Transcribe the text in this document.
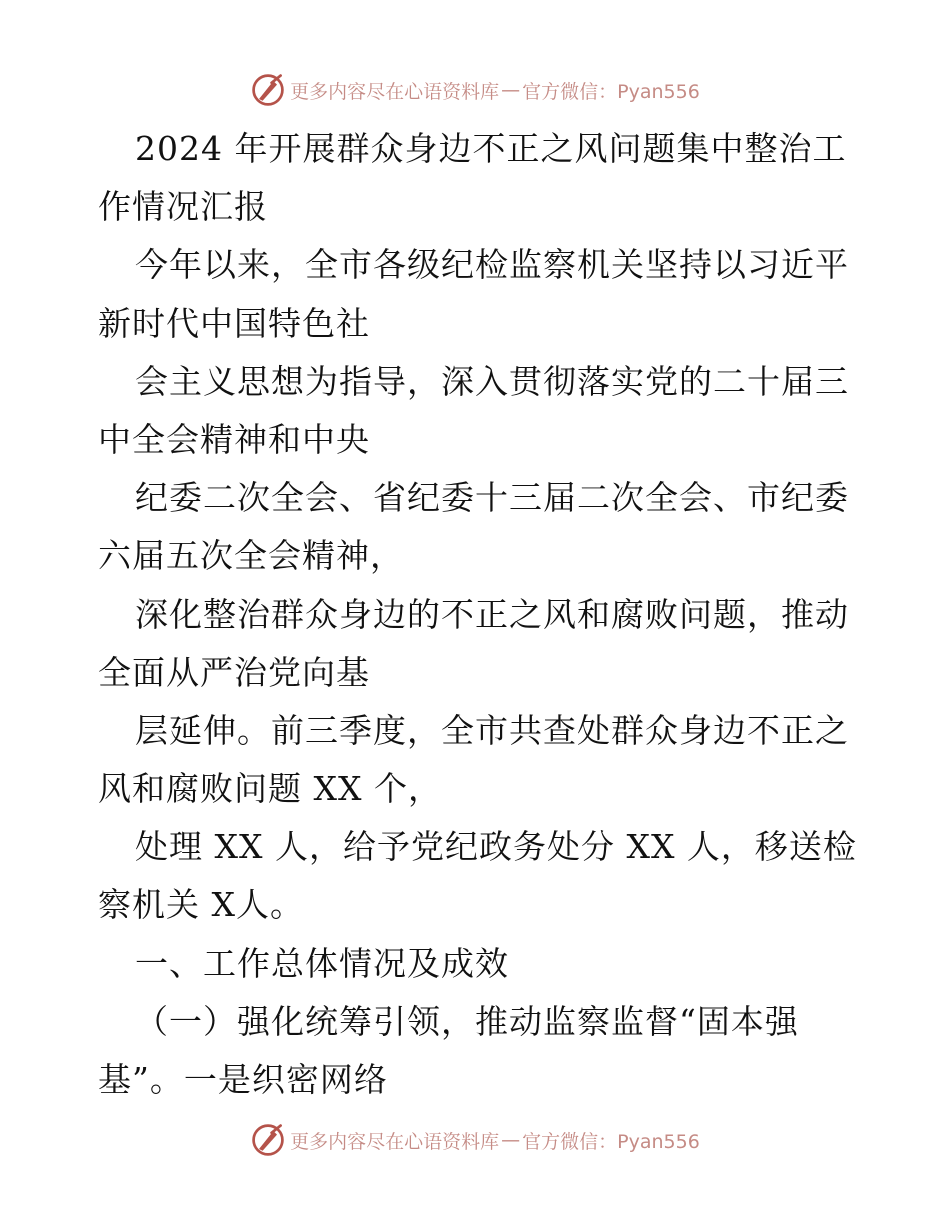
更多内容尽在心语资料库 — 官方微信：Pyan556
2024 年开展群众身边不正之风问题集中整治工
作情况汇报
今年以来，全市各级纪检监察机关坚持以习近平
新时代中国特色社
会主义思想为指导，深入贯彻落实党的二十届三
中全会精神和中央
纪委二次全会、省纪委十三届二次全会、市纪委
六届五次全会精神，
深化整治群众身边的不正之风和腐败问题，推动
全面从严治党向基
层延伸。前三季度，全市共查处群众身边不正之
风和腐败问题 XX 个，
处理 XX 人，给予党纪政务处分 XX 人，移送检
察机关 X人。
一、工作总体情况及成效
（一）强化统筹引领，推动监察监督“固本强
基”。一是织密网络
更多内容尽在心语资料库 — 官方微信：Pyan556
